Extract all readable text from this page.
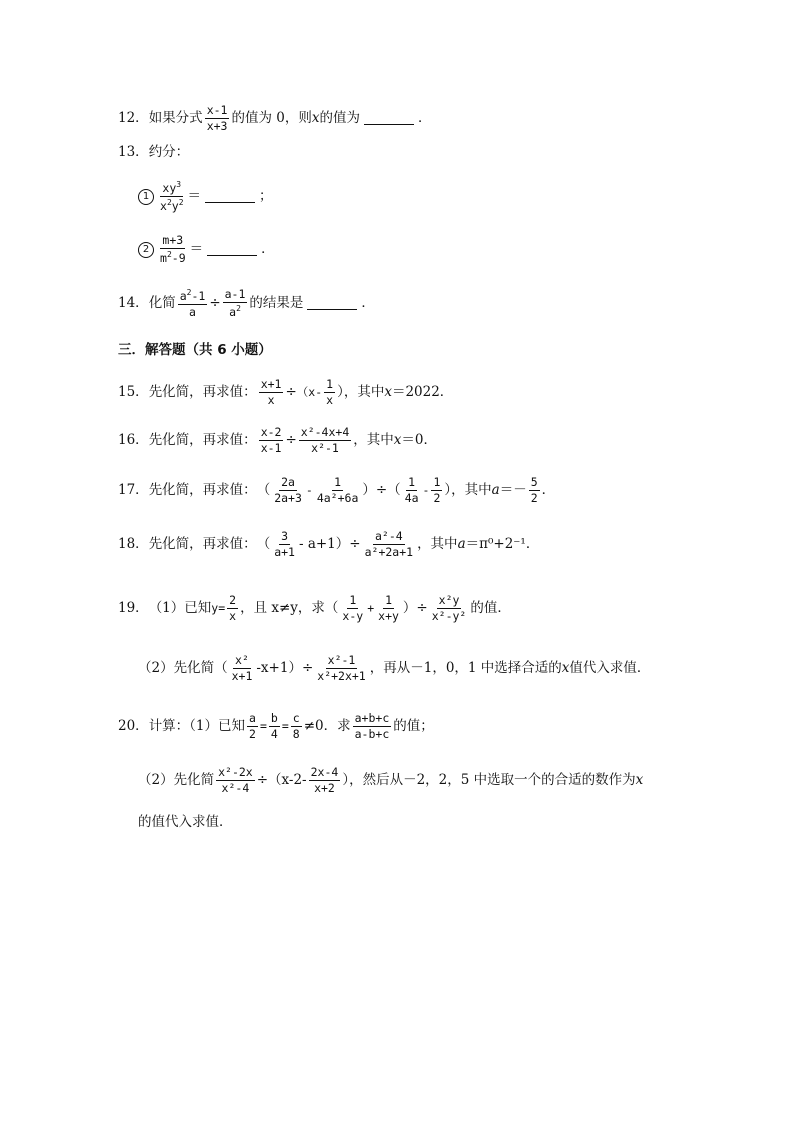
12． 如果分式 $\frac{x-1}{x+3}$ 的值为 0，则 x 的值为	．
13． 约分：
$1 \frac{xy^3}{x^2y^2}$ ＝	；
$2 \frac{m+3}{m^2-9}$ ＝	．
14． 化简 $\frac{a^2-1}{a} \div \frac{a-1}{a^2}$ 的结果是	．
三．解答题（共 6 小题）
15． 先化简，再求值： $\frac{x+1}{x} \div (x- \frac{1}{x}$ ），其中 x ＝2022．
16． 先化简，再求值： $\frac{x-2}{x-1} \div \frac{\text{x²-4x+4}}{\text{x²-1}}$ ，其中 x ＝0．
17． 先化简，再求值： （ $\frac{2a}{2a+3} - \frac{1}{\text{4a²+6a}}$ ）÷（ $\frac{1}{4a} - \frac{1}{2}$ ），其中 $a =- \frac{5}{2}$ ．
18． 先化简，再求值： （ $\frac{3}{a+1} - a+1)\div \frac{\text{a²-4}}{\text{a²+2a+1}}$ ，其中 a ＝π⁰+2⁻¹．
19． （1）已知 $y= \frac{2}{x}$ ，且 x≠y，求（ $\frac{1}{x-y} + \frac{1}{x+y}$ ）÷ $\frac{\text{x²y}}{\text{x²-y²}}$ 的值．
（2）先化简（ $\frac{\text{x²}}{x+1} -x+1)\div \frac{\text{x²-1}}{\text{x²+2x+1}}$ ，再从－1，0，1 中选择合适的 x 值代入求值．
20． 计算：（1）已知 $\frac{a}{2} = \frac{b}{4} = \frac{c}{8} \ne 0$．求 $\frac{a+b+c}{a-b+c}$ 的值；
（2）先化简 $\frac{\text{x²-2x}}{\text{x²-4}} \div(x-2- \frac{2x-4}{x+2}$ ），然后从－2，2，5 中选取一个的合适的数作为 x
的值代入求值．
